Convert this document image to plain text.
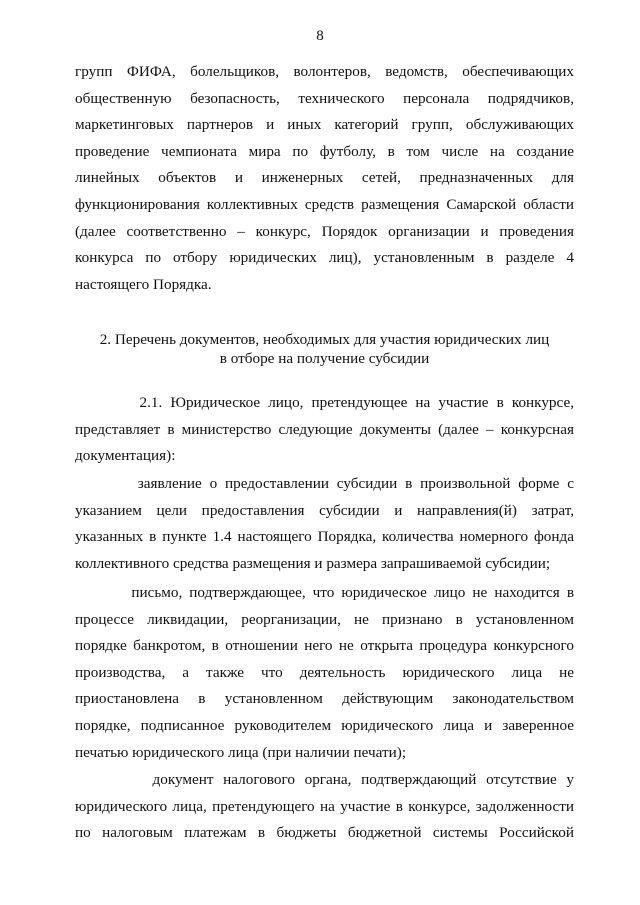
8
групп ФИФА, болельщиков, волонтеров, ведомств, обеспечивающих
общественную безопасность, технического персонала подрядчиков,
маркетинговых партнеров и иных категорий групп, обслуживающих
проведение чемпионата мира по футболу, в том числе на создание
линейных объектов и инженерных сетей, предназначенных для
функционирования коллективных средств размещения Самарской области
(далее соответственно – конкурс, Порядок организации и проведения
конкурса по отбору юридических лиц), установленным в разделе 4
настоящего Порядка.
2. Перечень документов, необходимых для участия юридических лиц
в отборе на получение субсидии
2.1. Юридическое лицо, претендующее на участие в конкурсе,
представляет в министерство следующие документы (далее – конкурсная
документация):
заявление о предоставлении субсидии в произвольной форме с
указанием цели предоставления субсидии и направления(й) затрат,
указанных в пункте 1.4 настоящего Порядка, количества номерного фонда
коллективного средства размещения и размера запрашиваемой субсидии;
письмо, подтверждающее, что юридическое лицо не находится в
процессе ликвидации, реорганизации, не признано в установленном
порядке банкротом, в отношении него не открыта процедура конкурсного
производства, а также что деятельность юридического лица не
приостановлена в установленном действующим законодательством
порядке, подписанное руководителем юридического лица и заверенное
печатью юридического лица (при наличии печати);
документ налогового органа, подтверждающий отсутствие у
юридического лица, претендующего на участие в конкурсе, задолженности
по налоговым платежам в бюджеты бюджетной системы Российской
